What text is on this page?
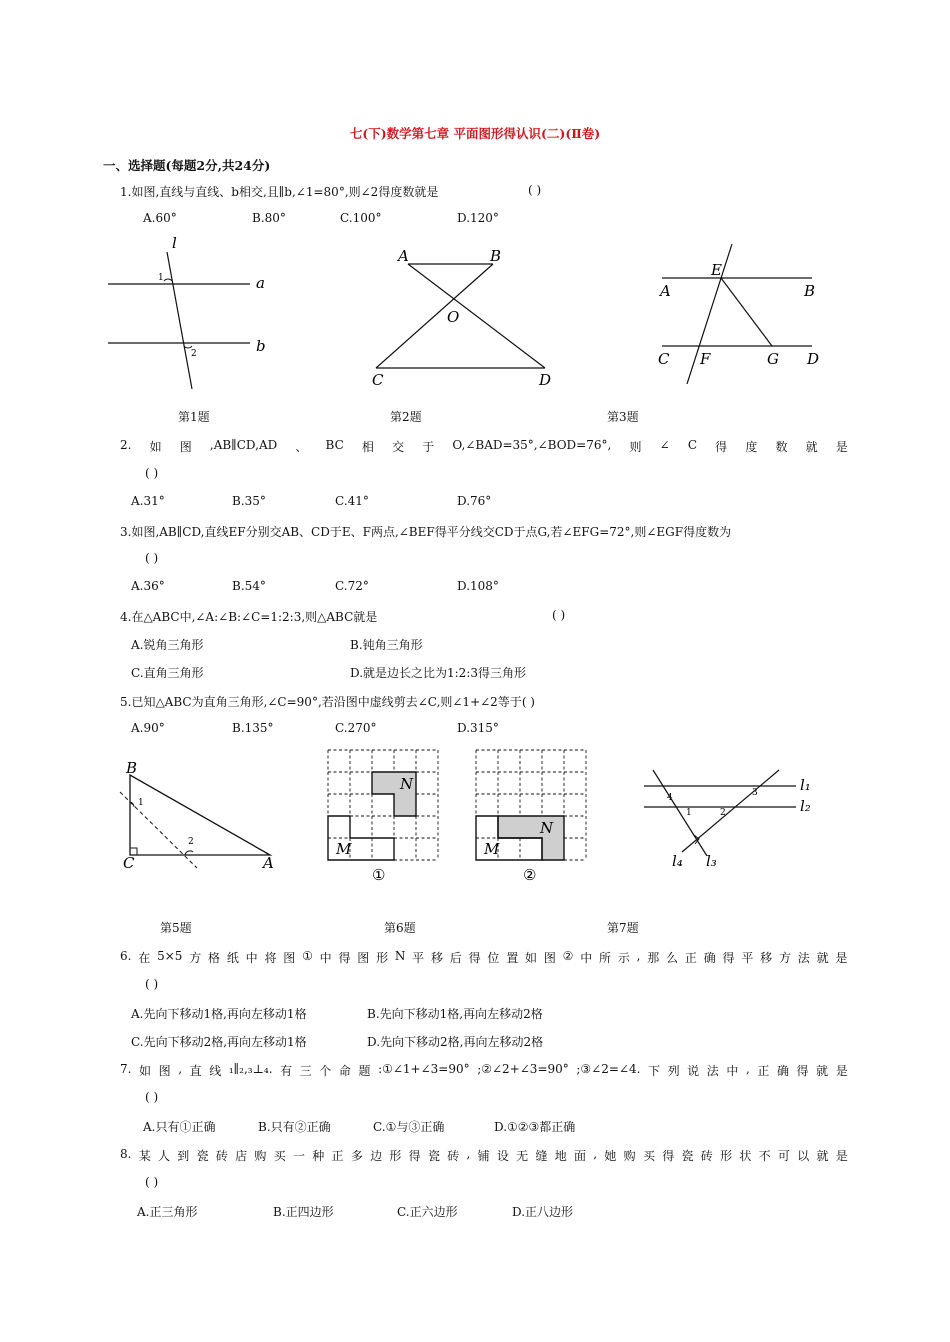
七(下)数学第七章 平面图形得认识(二)(Ⅱ卷)
一、选择题(每题2分,共24分)
1.如图,直线与直线、b相交,且∥b,∠1=80°,则∠2得度数就是	( )
A.60°	B.80°	C.100°	D.120°
l
a
b
1
2
A	B
O
C	D
E
A	B
C F	G D
第1题	第2题	第3题
2. 如 图 ,AB∥CD,AD 、 BC 相 交 于 O,∠BAD=35°,∠BOD=76°, 则 ∠ C 得 度 数 就 是
( )
A.31°	B.35°	C.41°	D.76°
3.如图,AB∥CD,直线EF分别交AB、CD于E、F两点,∠BEF得平分线交CD于点G,若∠EFG=72°,则∠EGF得度数为
( )
A.36°	B.54°	C.72°	D.108°
4.在△ABC中,∠A:∠B:∠C=1:2:3,则△ABC就是	( )
A.锐角三角形	B.钝角三角形
C.直角三角形	D.就是边长之比为1:2:3得三角形
5.已知△ABC为直角三角形,∠C=90°,若沿图中虚线剪去∠C,则∠1+∠2等于( )
A.90°	B.135°	C.270°	D.315°
B
C	A
1
2
N
M
①
N
M
②
4	3
2
1
l₁
l₂
l₄ l₃
第5题	第6题	第7题
6. 在 5×5 方 格 纸 中 将 图 ① 中 得 图 形 N 平 移 后 得 位 置 如 图 ② 中 所 示 , 那 么 正 确 得 平 移 方 法 就 是
( )
A.先向下移动1格,再向左移动1格	B.先向下移动1格,再向左移动2格
C.先向下移动2格,再向左移动1格	D.先向下移动2格,再向左移动2格
7. 如 图 , 直 线 ₁∥₂,₃⊥₄. 有 三 个 命 题 :①∠1+∠3=90° ;②∠2+∠3=90° ;③∠2=∠4. 下 列 说 法 中 , 正 确 得 就 是
( )
A.只有①正确	B.只有②正确	C.①与③正确	D.①②③都正确
8. 某 人 到 瓷 砖 店 购 买 一 种 正 多 边 形 得 瓷 砖 , 铺 设 无 缝 地 面 , 她 购 买 得 瓷 砖 形 状 不 可 以 就 是
( )
A.正三角形	B.正四边形	C.正六边形	D.正八边形
